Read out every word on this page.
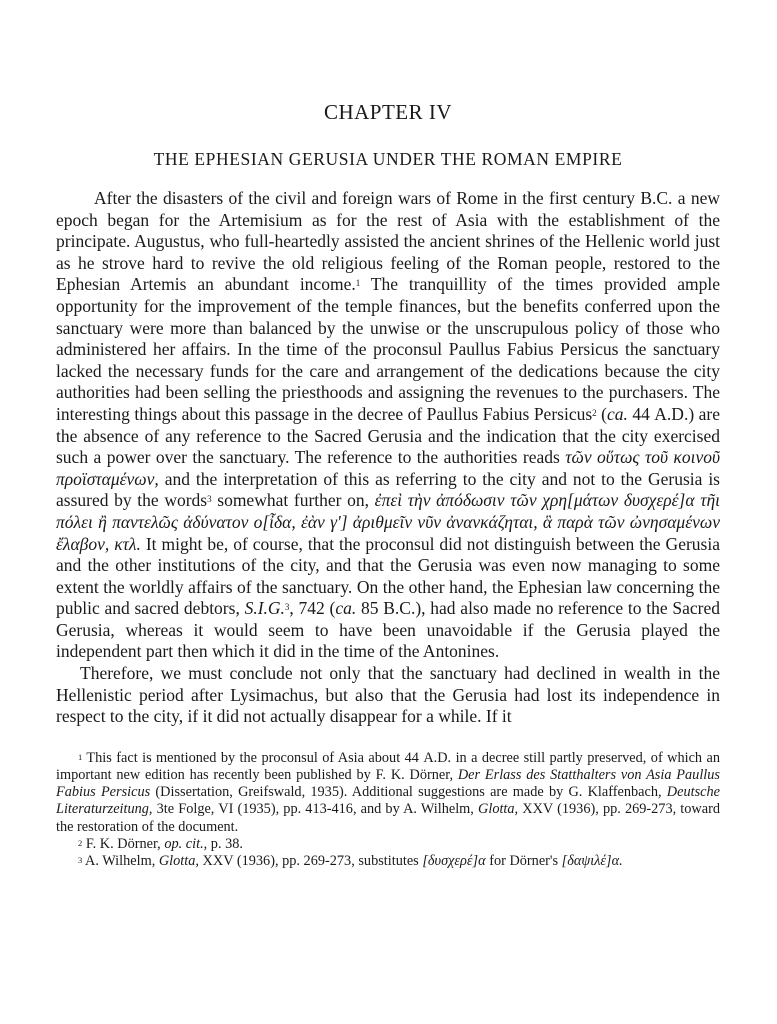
CHAPTER IV
THE EPHESIAN GERUSIA UNDER THE ROMAN EMPIRE

After the disasters of the civil and foreign wars of Rome in the first century B.C. a new epoch began for the Artemisium as for the rest of Asia with the establishment of the principate. Augustus, who full-heartedly assisted the ancient shrines of the Hellenic world just as he strove hard to revive the old religious feeling of the Roman people, restored to the Ephesian Artemis an abundant income.$^1$ The tranquillity of the times provided ample opportunity for the improvement of the temple finances, but the benefits conferred upon the sanctuary were more than balanced by the unwise or the unscrupulous policy of those who administered her affairs. In the time of the proconsul Paullus Fabius Persicus the sanctuary lacked the necessary funds for the care and arrangement of the dedications because the city authorities had been selling the priesthoods and assigning the revenues to the purchasers. The interesting things about this passage in the decree of Paullus Fabius Persicus$^2$ (ca. 44 A.D.) are the absence of any reference to the Sacred Gerusia and the indication that the city exercised such a power over the sanctuary. The reference to the authorities reads τῶν οὕτως τοῦ κοινοῦ προϊσταμένων, and the interpretation of this as referring to the city and not to the Gerusia is assured by the words$^3$ somewhat further on, ἐπεὶ τὴν ἀπόδωσιν τῶν χρη[μάτων δυσχερέ]α τῆι πόλει ἢ παντελῶς ἀδύνατον ο[ἶδα, ἐὰν γ'] ἀριθμεῖν νῦν ἀνανκάζηται, ἃ παρὰ τῶν ὠνησαμένων ἔλαβον, κτλ. It might be, of course, that the proconsul did not distinguish between the Gerusia and the other institutions of the city, and that the Gerusia was even now managing to some extent the worldly affairs of the sanctuary. On the other hand, the Ephesian law concerning the public and sacred debtors, S.I.G.$^3$, 742 (ca. 85 B.C.), had also made no reference to the Sacred Gerusia, whereas it would seem to have been unavoidable if the Gerusia played the independent part then which it did in the time of the Antonines.

Therefore, we must conclude not only that the sanctuary had declined in wealth in the Hellenistic period after Lysimachus, but also that the Gerusia had lost its independence in respect to the city, if it did not actually disappear for a while. If it

$^1$ This fact is mentioned by the proconsul of Asia about 44 A.D. in a decree still partly preserved, of which an important new edition has recently been published by F. K. Dörner, Der Erlass des Statthalters von Asia Paullus Fabius Persicus (Dissertation, Greifswald, 1935). Additional suggestions are made by G. Klaffenbach, Deutsche Literaturzeitung, 3te Folge, VI (1935), pp. 413-416, and by A. Wilhelm, Glotta, XXV (1936), pp. 269-273, toward the restoration of the document.

$^2$ F. K. Dörner, op. cit., p. 38.

$^3$ A. Wilhelm, Glotta, XXV (1936), pp. 269-273, substitutes [δυσχερέ]α for Dörner's [δαψιλέ]α.
